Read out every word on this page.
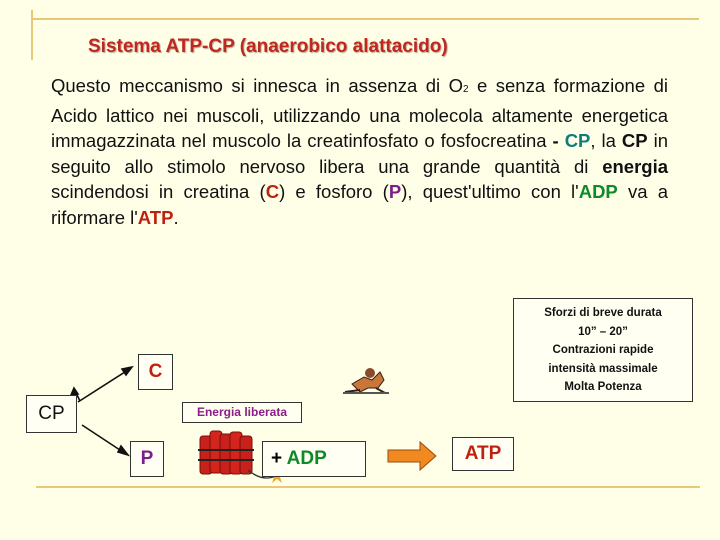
Sistema ATP-CP (anaerobico alattacido)

Questo meccanismo si innesca in assenza di O2 e senza formazione di Acido lattico nei muscoli, utilizzando una molecola altamente energetica immagazzinata nel muscolo la creatinfosfato o fosfocreatina - CP, la CP in seguito allo stimolo nervoso libera una grande quantità di energia scindendosi in creatina (C) e fosforo (P), quest'ultimo con l'ADP va a riformare l'ATP.

Sforzi di breve durata
10” – 20”
Contrazioni rapide
intensità massimale
Molta Potenza
CP
C
P
Energia liberata
+ ADP	ATP
